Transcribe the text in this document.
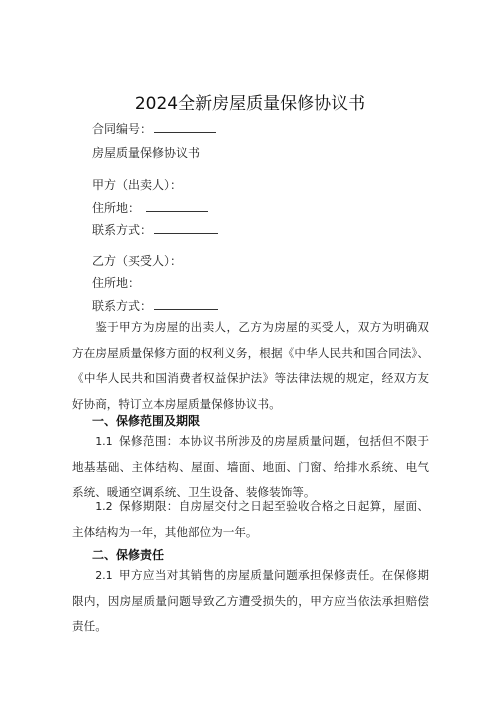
2024全新房屋质量保修协议书
合同编号：
房屋质量保修协议书
甲方（出卖人）：
住所地：
联系方式：
乙方（买受人）：
住所地：
联系方式：
鉴于甲方为房屋的出卖人，乙方为房屋的买受人，双方为明确双方在房屋质量保修方面的权利义务，根据《中华人民共和国合同法》、《中华人民共和国消费者权益保护法》等法律法规的规定，经双方友好协商，特订立本房屋质量保修协议书。
一、保修范围及期限
1.1 保修范围：本协议书所涉及的房屋质量问题，包括但不限于地基基础、主体结构、屋面、墙面、地面、门窗、给排水系统、电气系统、暖通空调系统、卫生设备、装修装饰等。
1.2 保修期限：自房屋交付之日起至验收合格之日起算，屋面、主体结构为一年，其他部位为一年。
二、保修责任
2.1 甲方应当对其销售的房屋质量问题承担保修责任。在保修期限内，因房屋质量问题导致乙方遭受损失的，甲方应当依法承担赔偿责任。
